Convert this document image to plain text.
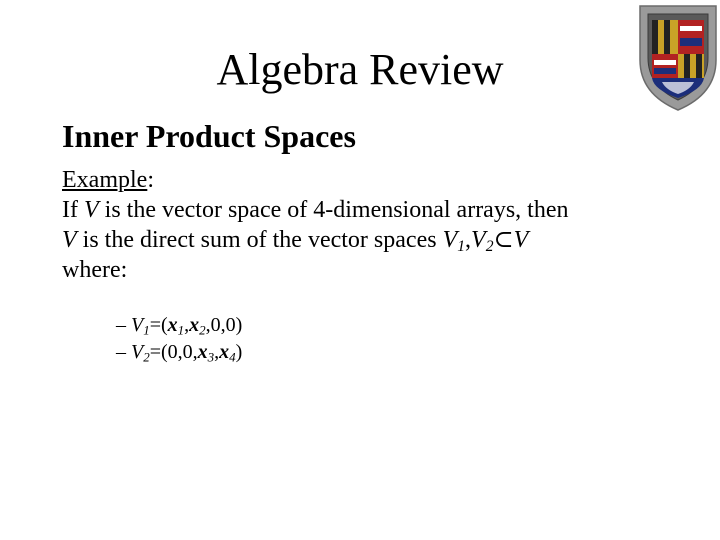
Algebra Review
Inner Product Spaces
Example:
If V is the vector space of 4-dimensional arrays, then
V is the direct sum of the vector spaces $V_1,V_2\subset V$
where:
– $V_1=(x_1,x_2,0,0)$
– $V_2=(0,0,x_3,x_4)$
